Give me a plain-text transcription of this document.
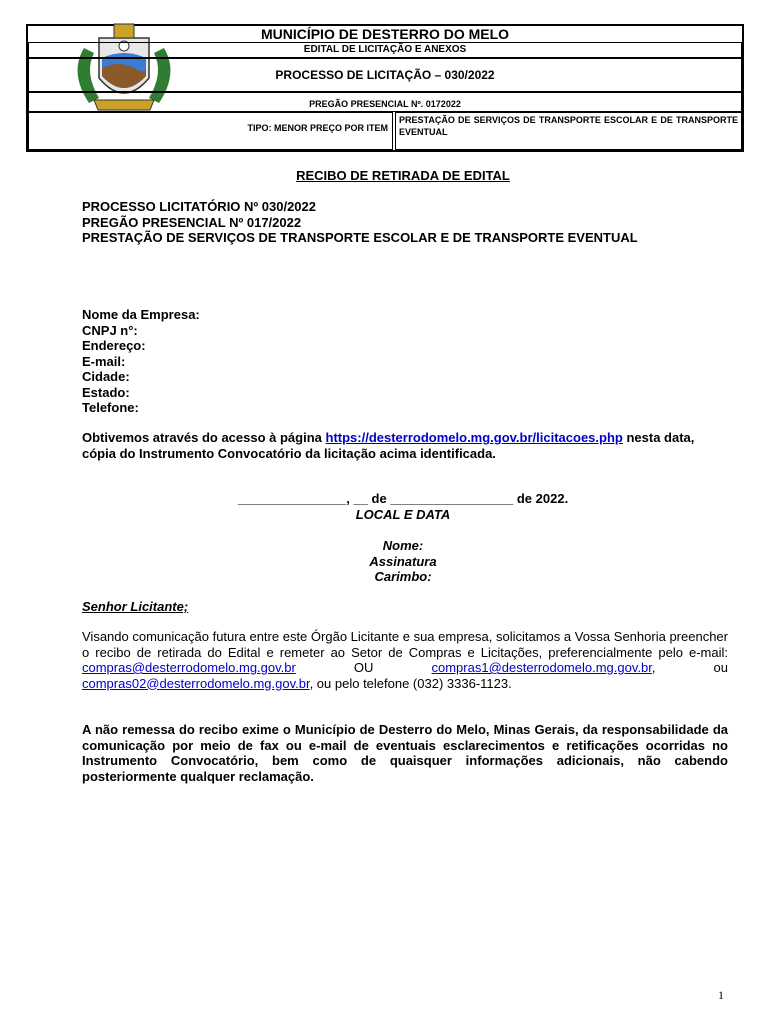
MUNICÍPIO DE DESTERRO DO MELO
EDITAL DE LICITAÇÃO E ANEXOS
PROCESSO DE LICITAÇÃO – 030/2022
PREGÃO PRESENCIAL Nº. 0172022
TIPO: MENOR PREÇO POR ITEM
PRESTAÇÃO DE SERVIÇOS DE TRANSPORTE ESCOLAR E DE TRANSPORTE EVENTUAL
RECIBO DE RETIRADA DE EDITAL
PROCESSO LICITATÓRIO Nº 030/2022
PREGÃO PRESENCIAL Nº 017/2022
PRESTAÇÃO DE SERVIÇOS DE TRANSPORTE ESCOLAR E DE TRANSPORTE EVENTUAL
Nome da Empresa:
CNPJ n°:
Endereço:
E-mail:
Cidade:
Estado:
Telefone:
Obtivemos através do acesso à página https://desterrodomelo.mg.gov.br/licitacoes.php nesta data, cópia do Instrumento Convocatório da licitação acima identificada.
_______________, __ de _________________ de 2022.
LOCAL E DATA
Nome:
Assinatura
Carimbo:
Senhor Licitante;
Visando comunicação futura entre este Órgão Licitante e sua empresa, solicitamos a Vossa Senhoria preencher o recibo de retirada do Edital e remeter ao Setor de Compras e Licitações, preferencialmente pelo e-mail: compras@desterrodomelo.mg.gov.br OU compras1@desterrodomelo.mg.gov.br, ou compras02@desterrodomelo.mg.gov.br, ou pelo telefone (032) 3336-1123.
A não remessa do recibo exime o Município de Desterro do Melo, Minas Gerais, da responsabilidade da comunicação por meio de fax ou e-mail de eventuais esclarecimentos e retificações ocorridas no Instrumento Convocatório, bem como de quaisquer informações adicionais, não cabendo posteriormente qualquer reclamação.
1
